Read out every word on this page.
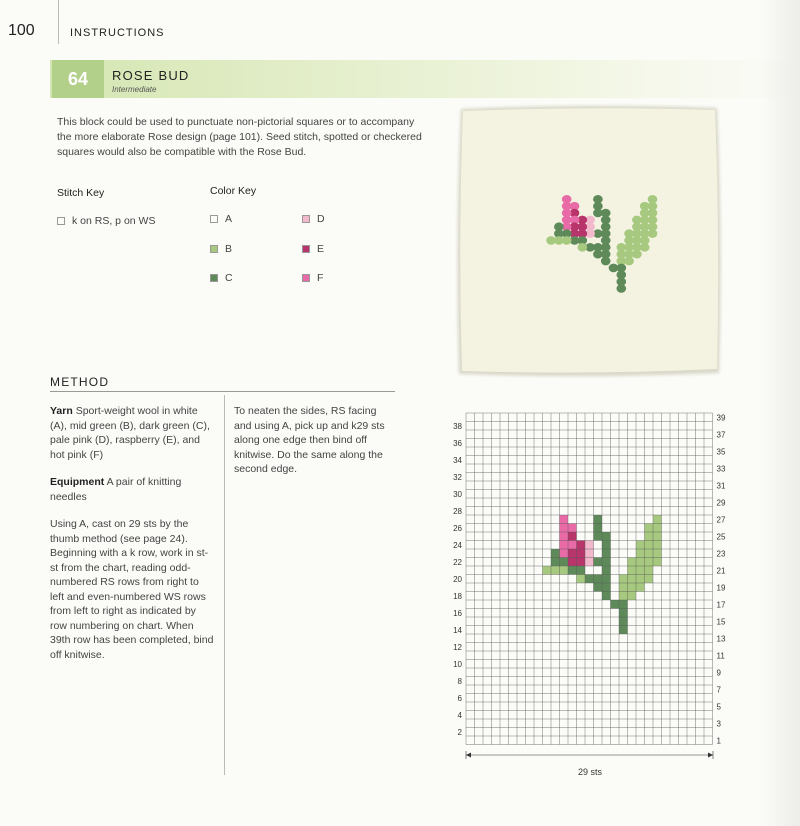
100	INSTRUCTIONS
64	ROSE BUD
Intermediate
This block could be used to punctuate non-pictorial squares or to accompany the more elaborate Rose design (page 101). Seed stitch, spotted or checkered squares would also be compatible with the Rose Bud.
Stitch Key
k on RS, p on WS
Color Key
A
B
C
D
E
F
METHOD

Yarn Sport-weight wool in white (A), mid green (B), dark green (C), pale pink (D), raspberry (E), and hot pink (F)

Equipment A pair of knitting needles

Using A, cast on 29 sts by the thumb method (see page 24). Beginning with a k row, work in st-st from the chart, reading odd-numbered RS rows from right to left and even-numbered WS rows from left to right as indicated by row numbering on chart. When 39th row has been completed, bind off knitwise.

To neaten the sides, RS facing and using A, pick up and k29 sts along one edge then bind off knitwise. Do the same along the second edge.
38
36
34
32
30
28
26
24
22
20
18
16
14
12
10
8
6
4
2
39
37
35
33
31
29
27
25
23
21
19
17
15
13
11
9
7
5
3
1
29 sts
